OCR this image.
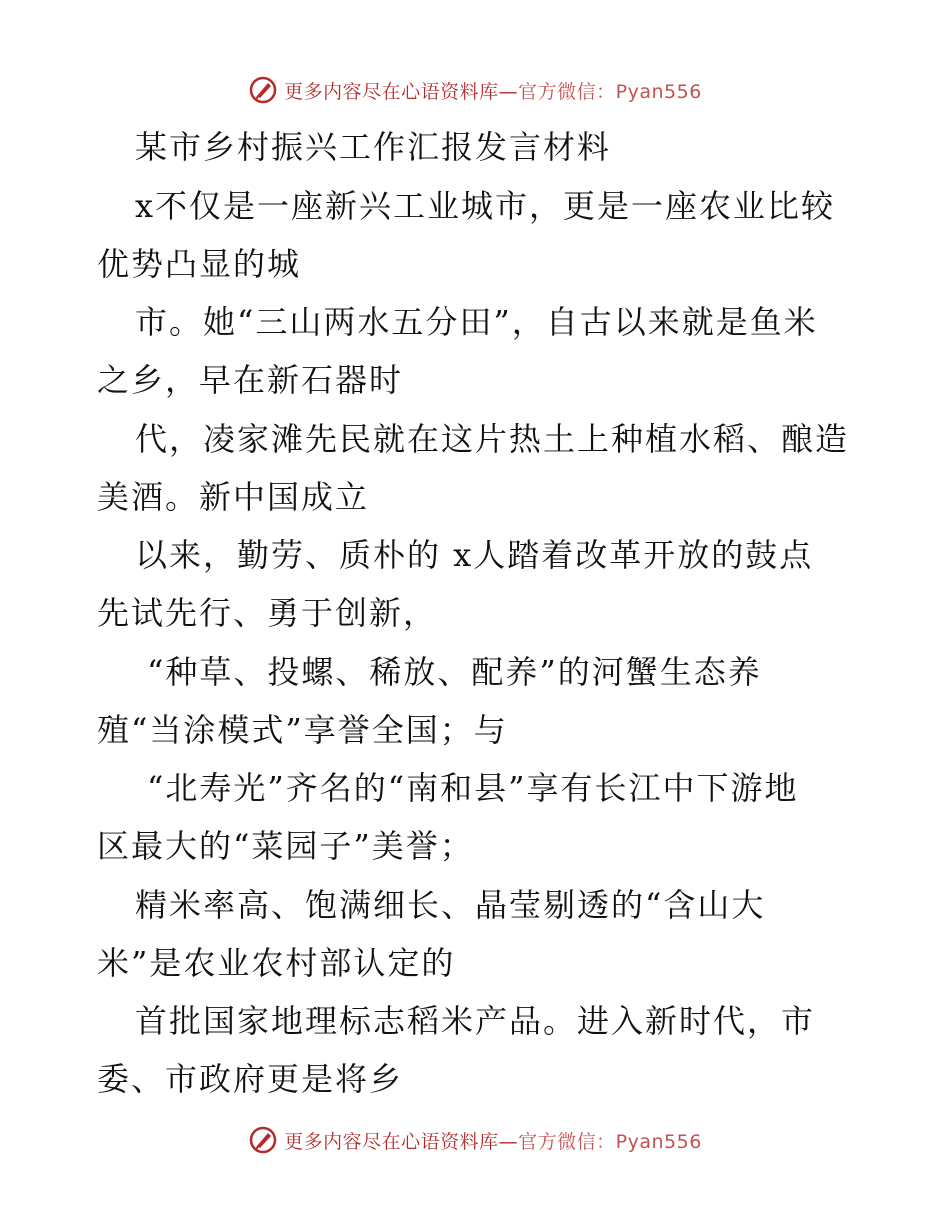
更多内容尽在心语资料库—官方微信：Pyan556
某市乡村振兴工作汇报发言材料
x不仅是一座新兴工业城市，更是一座农业比较
优势凸显的城
市。她“三山两水五分田”，自古以来就是鱼米
之乡，早在新石器时
代，凌家滩先民就在这片热土上种植水稻、酿造
美酒。新中国成立
以来，勤劳、质朴的 x人踏着改革开放的鼓点
先试先行、勇于创新，
“种草、投螺、稀放、配养”的河蟹生态养
殖“当涂模式”享誉全国；与
“北寿光”齐名的“南和县”享有长江中下游地
区最大的“菜园子”美誉；
精米率高、饱满细长、晶莹剔透的“含山大
米”是农业农村部认定的
首批国家地理标志稻米产品。进入新时代，市
委、市政府更是将乡
更多内容尽在心语资料库—官方微信：Pyan556
